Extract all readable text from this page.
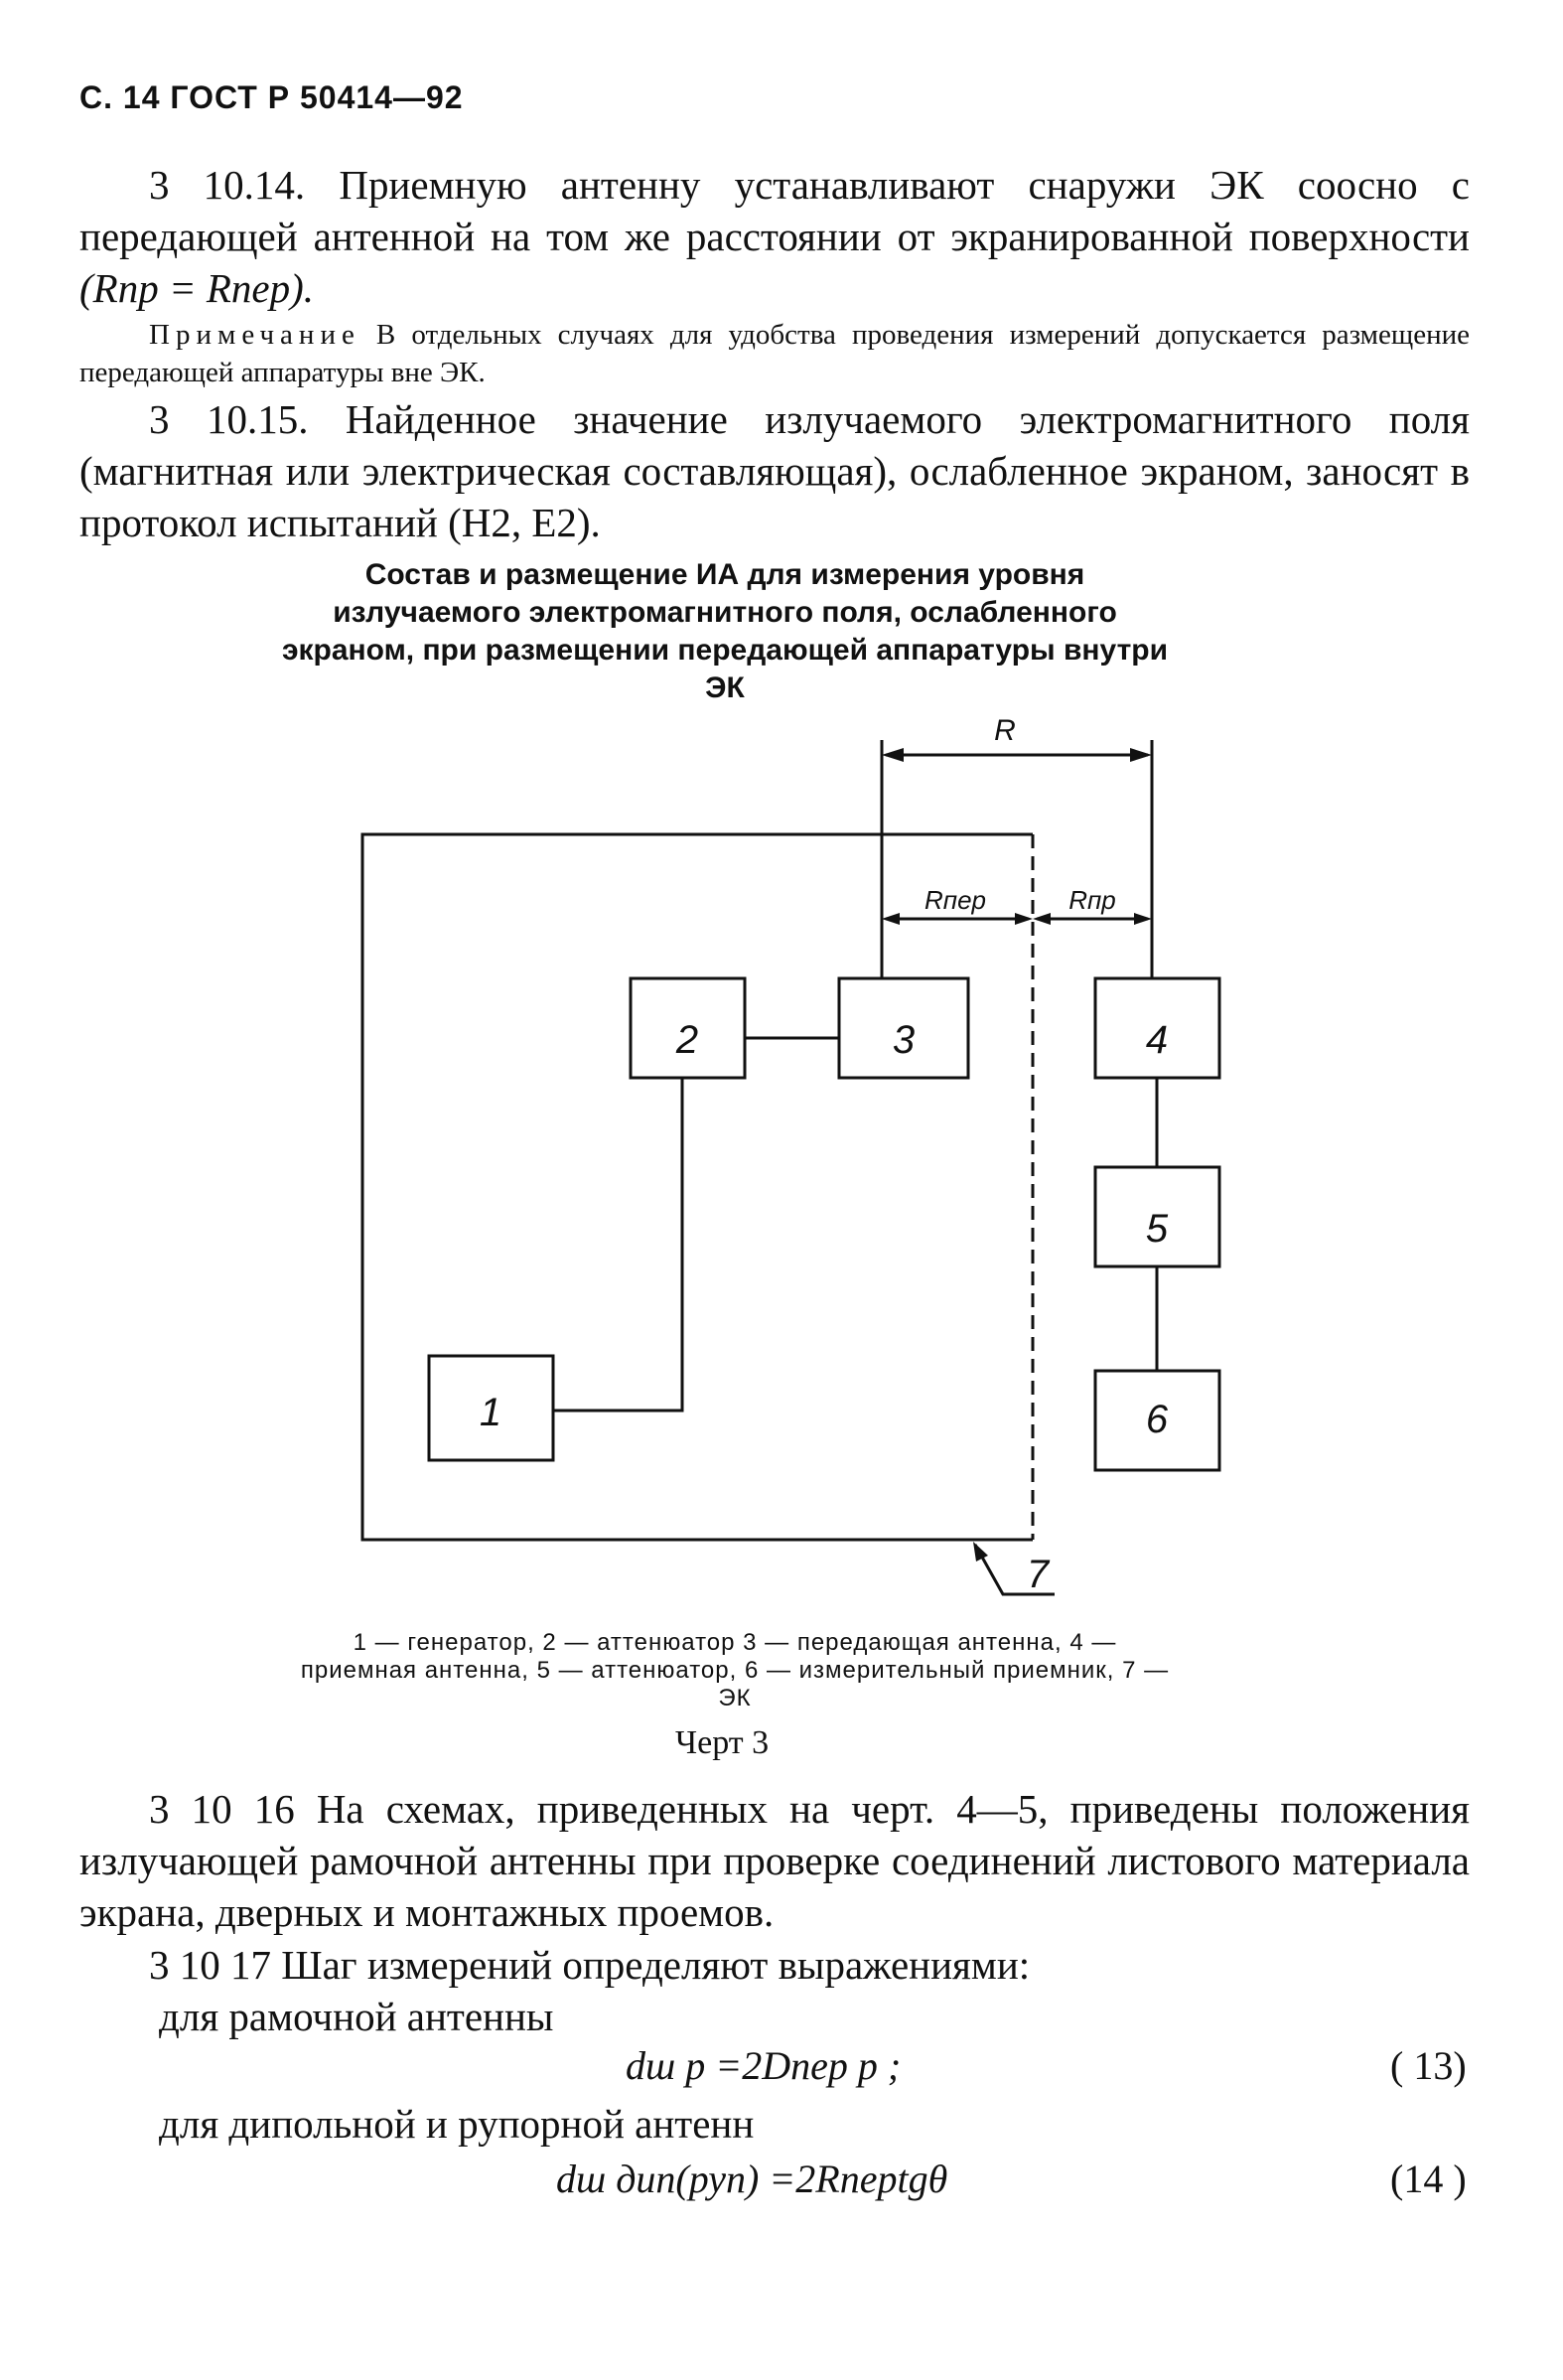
С. 14 ГОСТ Р 50414—92
3 10.14. Приемную антенну устанавливают снаружи ЭК соосно с передающей антенной на том же расстоянии от экранированной поверхности (Rпр = Rпер).
Примечание В отдельных случаях для удобства проведения измерений допускается размещение передающей аппаратуры вне ЭК.
3 10.15. Найденное значение излучаемого электромагнитного поля (магнитная или электрическая составляющая), ослабленное экраном, заносят в протокол испытаний (H2, E2).
Состав и размещение ИА для измерения уровня излучаемого электромагнитного поля, ослабленного экраном, при размещении передающей аппаратуры внутри ЭК
R
Rпер	Rпр
2	3	4
5
6
1
7
1 — генератор, 2 — аттенюатор 3 — передающая антенна, 4 — приемная антенна, 5 — аттенюатор, 6 — измерительный приемник, 7 — ЭК
Черт 3
3 10 16 На схемах, приведенных на черт. 4—5, приведены положения излучающей рамочной антенны при проверке соединений листового материала экрана, дверных и монтажных проемов.
3 10 17 Шаг измерений определяют выражениями:
для рамочной антенны
dш р =2Dпер р ;	( 13)
для дипольной и рупорной антенн
dш дип(руп) =2Rперtgθ	(14 )
